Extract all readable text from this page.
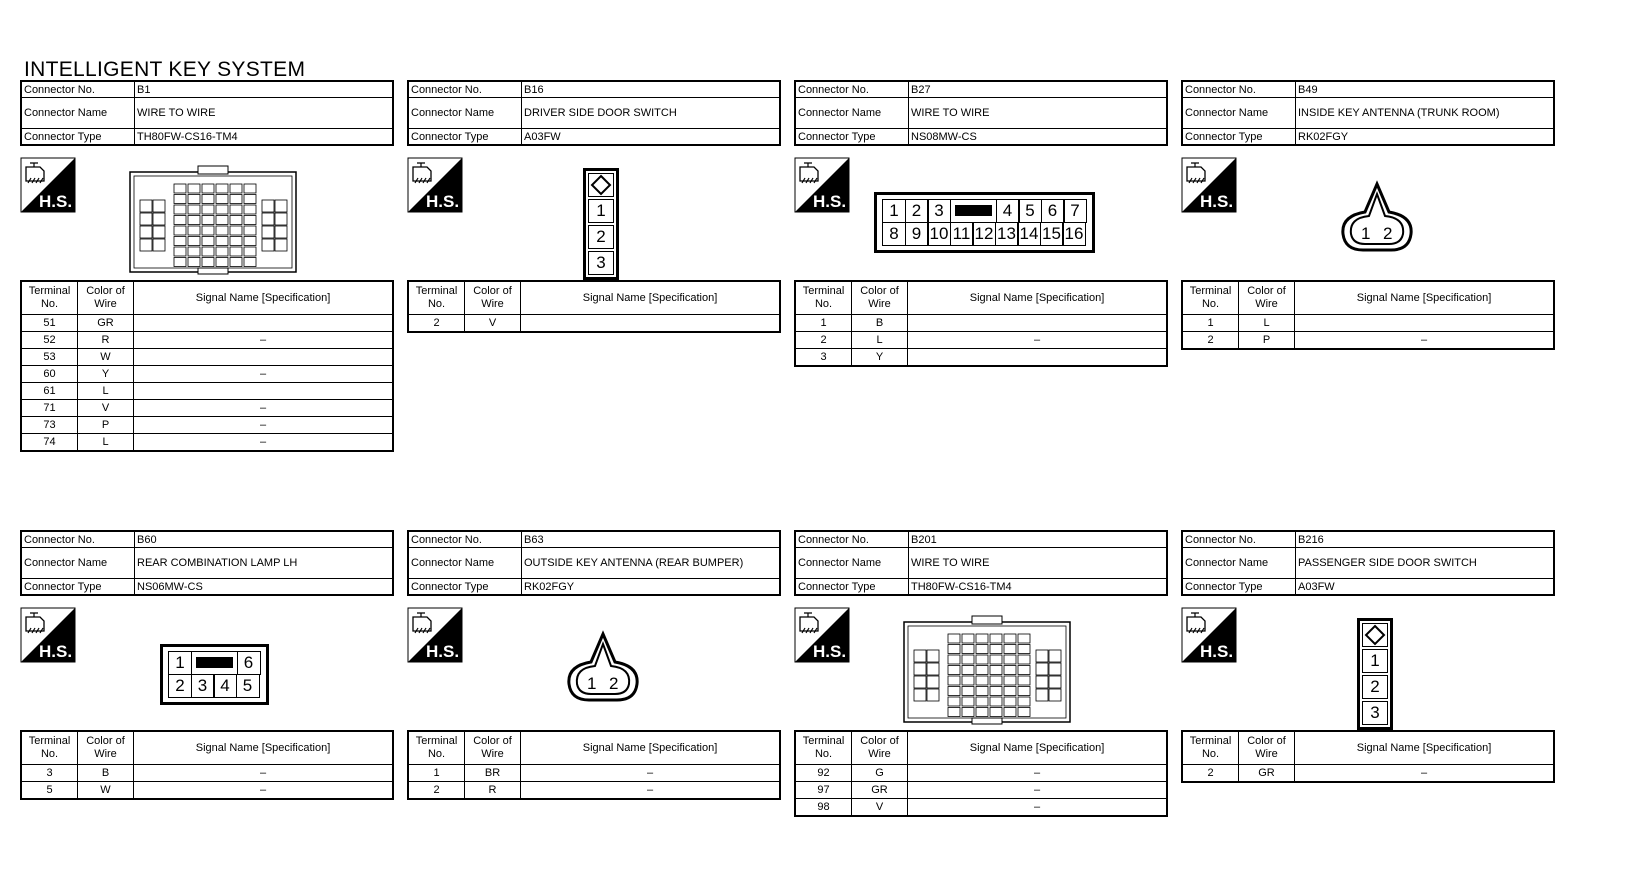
INTELLIGENT KEY SYSTEM
Connector No.	B1
Connector Name	WIRE TO WIRE
Connector Type	TH80FW-CS16-TM4
H.S.
Terminal No.	Color of Wire	Signal Name [Specification]
51	GR	
52	R	–
53	W	
60	Y	–
61	L	
71	V	–
73	P	–
74	L	–
Connector No.	B16
Connector Name	DRIVER SIDE DOOR SWITCH
Connector Type	A03FW
H.S.	1
2
3
Terminal No.	Color of Wire	Signal Name [Specification]
2	V	
Connector No.	B27
Connector Name	WIRE TO WIRE
Connector Type	NS08MW-CS
H.S.	1 2 3	4 5 6 7
8 9 10 11 12 13 14 15 16
Terminal No.	Color of Wire	Signal Name [Specification]
1	B	
2	L	–
3	Y	
Connector No.	B49
Connector Name	INSIDE KEY ANTENNA (TRUNK ROOM)
Connector Type	RK02FGY
H.S.
1 2
Terminal No.	Color of Wire	Signal Name [Specification]
1	L	
2	P	–
Connector No.	B60
Connector Name	REAR COMBINATION LAMP LH
Connector Type	NS06MW-CS
H.S.
1	6
2 3 4 5
Terminal No.	Color of Wire	Signal Name [Specification]
3	B	–
5	W	–
Connector No.	B63
Connector Name	OUTSIDE KEY ANTENNA (REAR BUMPER)
Connector Type	RK02FGY
H.S.
1 2
Terminal No.	Color of Wire	Signal Name [Specification]
1	BR	–
2	R	–
Connector No.	B201
Connector Name	WIRE TO WIRE
Connector Type	TH80FW-CS16-TM4
H.S.
Terminal No.	Color of Wire	Signal Name [Specification]
92	G	–
97	GR	–
98	V	–
Connector No.	B216
Connector Name	PASSENGER SIDE DOOR SWITCH
Connector Type	A03FW
H.S.	1
2
3
Terminal No.	Color of Wire	Signal Name [Specification]
2	GR	–
